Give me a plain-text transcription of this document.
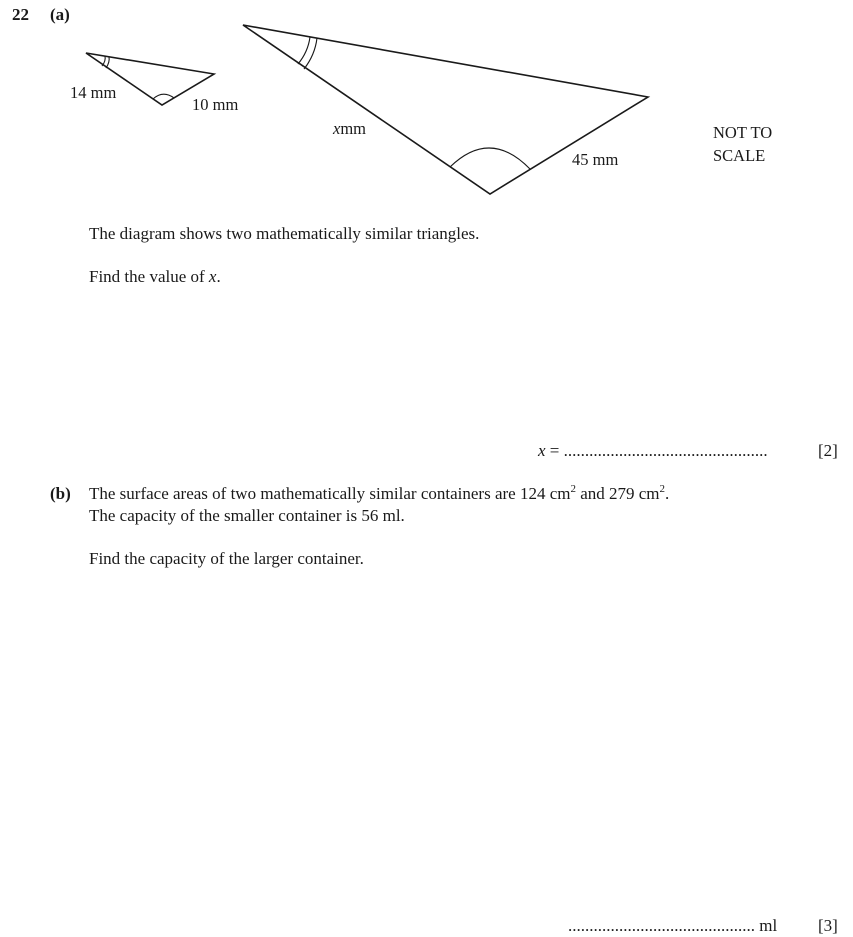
22 (a)
14 mm
10 mm
xmm
45 mm
NOT TO
SCALE
The diagram shows two mathematically similar triangles.
Find the value of x.
x = ................................................	[2]
(b) The surface areas of two mathematically similar containers are 124 $cm^2$ and 279 $cm^2$.
The capacity of the smaller container is 56 ml.
Find the capacity of the larger container.
............................................ ml [3]
